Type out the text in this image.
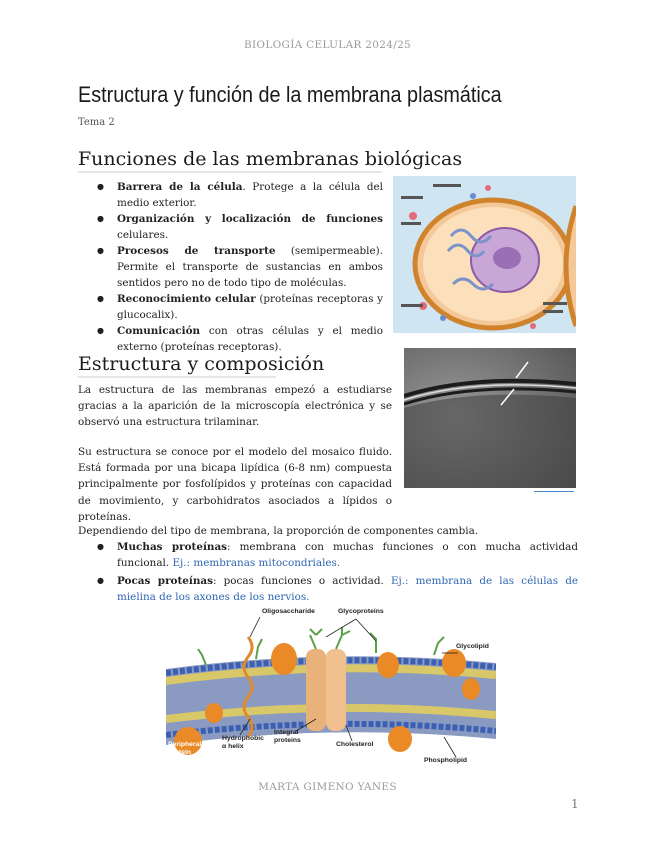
BIOLOGÍA CELULAR 2024/25
Estructura y función de la membrana plasmática
Tema 2
Funciones de las membranas biológicas
● Barrera de la célula. Protege a la célula del medio exterior.
● Organización y localización de funciones celulares.
● Procesos de transporte (semipermeable). Permite el transporte de sustancias en ambos sentidos pero no de todo tipo de moléculas.
● Reconocimiento celular (proteínas receptoras y glucocalix).
● Comunicación con otras células y el medio externo (proteínas receptoras).
Estructura y composición
La estructura de las membranas empezó a estudiarse gracias a la aparición de la microscopía electrónica y se observó una estructura trilaminar.
Su estructura se conoce por el modelo del mosaico fluido. Está formada por una bicapa lipídica (6-8 nm) compuesta principalmente por fosfolípidos y proteínas con capacidad de movimiento, y carbohidratos asociados a lípidos o proteínas.
Dependiendo del tipo de membrana, la proporción de componentes cambia.
● Muchas proteínas: membrana con muchas funciones o con mucha actividad funcional. Ej.: membranas mitocondriales.
● Pocas proteínas: pocas funciones o actividad. Ej.: membrana de las células de mielina de los axones de los nervios.
Oligosaccharide	Glycoproteins
Glycolipid
Hydrophobic α helix
Integral proteins
Cholesterol
Peripheral protein
Phospholipid
MARTA GIMENO YANES
1
